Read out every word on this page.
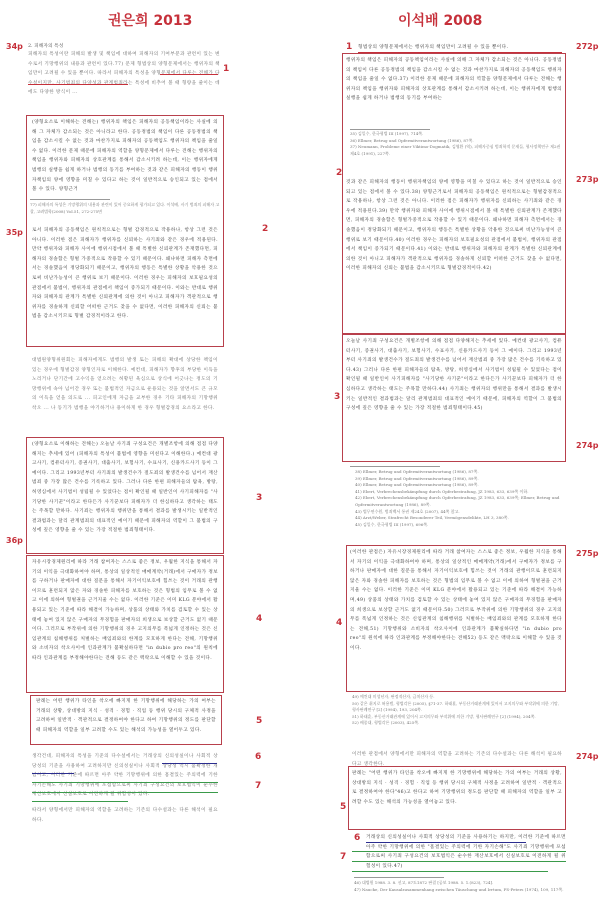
권은희 2013	이석배 2008
34p 2. 피해자의 특성
피해자의 특성이란 피해의 발생 및 책임에 대하여 피해자의 기여부분과 관련이 있는 변수로서 기망행위의 내용과 관련이 있다.77) 문제 형법상의 양형문제에서는 행위자의 책임만이 고려될 수 있을 뿐이다. 따라서 피해자의 특성을 양형문제에서 다루는 견해가 다수설이지만, 사기범죄의 다양성과 관계범죄라는 특성에 비추어 볼 때 형량을 줄이는 데에도 다양한 방식이 ...
1
(양형요소로 이해하는 견해는) 행위자의 책임은 피해자의 공동책임이라는 사실에 의해 그 자체가 감소되는 것은 아니라고 한다. 공동정범의 책임이 다른 공동정범의 책임을 감소시킬 수 없는 것과 마찬가지로 피해자의 공동책임도 행위자의 책임을 줄일 수 없다. 이러한 문제 때문에 피해자의 역할을 양형문제에서 다루는 견해는 행위자의 책임을 행위자와 피해자의 상호관계를 통해서 감소시키려 하는데, 이는 행위자에게 범행의 실행을 쉽게 하거나 범행의 동기를 부여하는 것과 같은 피해자의 행동이 행위자책임의 양에 영향을 미칠 수 있다고 하는 것이 일반적으로 승인되고 있는 점에서 볼 수 있다. 양형근거
77) 피해자의 특성은 기망행위의 내용과 관련이 있어 중요하게 평가되고 있다. 이석배, 사기 범죄의 피해자 고찰, 고려법학(2008) Vol.51, 272-275면
로서 피해자의 공동책임은 원칙적으로는 형벌 감경적으로 작용하나, 항상 그런 것은 아니다. 이러한 점은 피해자가 행위자를 신뢰하는 사기죄와 같은 경우에 적용된다. 만약 행위자와 피해자 사이에 행위시점에서 볼 때 특별한 신뢰관계가 존재했다면, 피해자의 경솔함은 형벌 가중적으로 작용할 수 있기 때문이다. 왜냐하면 피해자 측면에서는 경솔했음이 정당화되기 때문이고, 행위자의 행동은 특별한 상황을 악용한 것으로써 비난가능성이 큰 행위로 보기 때문이다. 이러한 경우는 피해자의 보호필요성의 관점에서 불법이, 행위자의 관점에서 책임이 증가되기 때문이다. 이와는 반대로 행위자와 피해자의 관계가 특별한 신뢰관계에 의한 것이 아니고 피해자가 객관적으로 행위자를 경솔하게 신뢰할 어떠한 근거도 찾을 수 없다면, 이러한 피해자의 신뢰는 불법을 감소시키므로 형벌 감경적이라고 한다.
35p	2
대법원양형위원회는 피해자에게도 범행의 발생 또는 피해의 확대에 상당한 책임이 있는 경우에 형벌감경 양형인자로 이해한다. 예컨대, 피해자가 향후의 부당한 이득을 노리거나 단기간에 고수익을 얻으려는 허황된 욕심으로 상식에 어긋나는 정도의 기망행위에 속아 넘어간 경우 또는 불법적인 자금으로 운용되는 것을 알면서도 큰 규모의 이득을 얻을 의도로 ... 피고인에게 자금을 교부한 경우 기타 피해자의 기망행위 착오 ... 나 동기가 범행을 야기하거나 용이하게 한 경우 형벌감경의 요소라고 한다.
(양형요소로 이해하는 견해는) 오늘날 사기죄 구성요건은 개별조항에 의해 점점 다양해지는 추세에 있어 (피해자의 특성이 불법에 영향을 미친다고 이해한다.) 예컨대 광고사기, 컴퓨터사기, 증권사기, 대출사기, 보험사기, 수표사기, 신용카드사기 등이 그 예이다. 그리고 1993년부터 사기죄의 발생건수가 절도죄의 발생건수를 넘어서 재산범죄 중 가장 많은 건수를 기록하고 있다. 그러나 다른 한편 피해자들의 탐욕, 방탕, 허영심에서 사기범이 성립될 수 있었다는 점이 확인될 때 일반인이 사기피해자를 "사기당한 사기꾼"이라고 한다든가 사기꾼보다 피해자가 더 한심하다고 생각하는 태도는 주목할 만하다. 사기죄는 행위자의 행위만을 통해서 결과를 발생시키는 일반적인 결과범과는 달리 관계범죄의 대표적인 예이기 때문에 피해자의 역할이 그 불법의 구성에 깊은 영향을 줄 수 있는 가장 적절한 범죄형태이다.
3
36p
자유시장경제원리에 따라 거래 참여자는 스스로 좋은 정보, 우월한 지식을 통해서 자기의 이익을 극대화하여야 하며, 통상의 일상적인 매매계약(거래)에서 구매자가 정보를 구하거나 판매자에 대한 질문을 통해서 자기이익보호에 힘쓰는 것이 거래의 관행이므로 훈련되지 않은 자와 경솔한 피해자를 보호하는 것은 형법의 임무로 볼 수 없고 이에 의하여 형벌권을 근거지울 수는 없다. 이러한 기준은 이미 KLG 분야에서 활용되고 있는 기준에 따라 해결이 가능하며, 상품의 상태와 가치를 검토할 수 있는 상태에 놓여 있지 않은 구매자의 무경험을 판매자의 희생으로 보상할 근거도 없기 때문이다. 그러므로 부작위에 의한 기망행위의 경우 고지의무를 폭넓게 인정하는 것은 신임관계의 침해행위를 처벌하는 배임죄와의 한계를 모호하게 한다는 견해, 기망행위와 소비자의 착오사이에 인과관계가 불확실하다면 "in dubio pro reo"의 원칙에 따라 인과관계를 부정해야한다는 견해 등도 같은 맥락으로 이해할 수 있을 것이다.
4
판례는 어떤 행위가 타인을 착오에 빠지게 한 기망행위에 해당하는 가의 여부는 거래의 상황, 상대방의 지식 · 성격 · 경험 · 직업 등 행위 당시의 구체적 사정을 고려하여 일반적 · 객관적으로 결정하여야 한다고 하여 기망행위의 정도를 판단할 때 피해자의 역할을 일부 고려할 수도 있는 해석의 가능성을 열어두고 있다.
5
생각건대, 피해자의 특성을 기준의 다수설에서는 거래상의 신의성실이나 사회적 상당성의 기준을 사용하여 고려하지만 신의성실이나 사회적 상당성 역시 불확정한 개념이고, 이러한 기준에 따르면 아주 약한 기망행위에 의한 흠결있는 주의력에 기한 자기손해도 사기죄 기망행위에 포섭함으로써 사기죄 구성요건의 보호법익이 순수한 재산보호에서 신실보호로 이전하게 될 위험성이 있다.
6
7
따라서 양형에서만 피해자의 역할을 고려하는 기존의 다수설과는 다른 해석이 필요하다.
1 형법상의 양형문제에서는 행위자의 책임만이 고려될 수 있을 뿐이다.	272p
행위자의 책임은 피해자의 공동책임이라는 사실에 의해 그 자체가 감소되는 것은 아니다. 공동정범의 책임이 다른 공동정범의 책임을 감소시킬 수 없는 것과 마찬가지로 피해자의 공동책임도 행위자의 책임을 줄일 수 없다.37) 이러한 문제 때문에 피해자의 역할을 양형문제에서 다루는 견해는 행위자의 책임을 행위자와 피해자의 상호관계를 통해서 감소시키려 하는데, 이는 행위자에게 범행의 실행을 쉽게 하거나 범행의 동기를 부여하는
35) 김일수, 한국형법 III (1997), 714쪽.
36) Ellmer, Betrug und Opfermitverantwortung (1986), 87쪽.
37) Neumann, Probleme einer Viktimo-Dogmatik, 김영환 (역), 피해자중심 범죄학적 문제들, 형사정책연구 제2권 제4호 (1991), 227쪽.
것과 같은 피해자의 행동이 행위자책임의 양에 영향을 미칠 수 있다고 하는 것이 일반적으로 승인되고 있는 점에서 볼 수 있다.38) 양형근거로서 피해자의 공동책임은 원칙적으로는 형벌감경적으로 작용하나, 항상 그런 것은 아니다. 이러한 점은 피해자가 행위자를 신뢰하는 사기죄와 같은 경우에 적용된다.39) 만약 행위자와 피해자 사이에 행위시점에서 볼 때 특별한 신뢰관계가 존재했다면, 피해자의 경솔함은 형벌가중적으로 작용할 수 있기 때문이다. 왜냐하면 피해자 측면에서는 경솔했음이 정당화되기 때문이고, 행위자의 행동은 특별한 상황을 악용한 것으로써 비난가능성이 큰 행위로 보기 때문이다.40) 이러한 경우는 피해자의 보호필요성의 관점에서 불법이, 행위자의 관점에서 책임이 증가되기 때문이다.41) 이와는 반대로 행위자와 피해자의 관계가 특별한 신뢰관계에 의한 것이 아니고 피해자가 객관적으로 행위자를 경솔하게 신뢰할 어떠한 근거도 찾을 수 없다면, 이러한 피해자의 신뢰는 불법을 감소시키므로 형벌감경적이다.42)
2
273p
오늘날 사기죄 구성요건은 개별조항에 의해 점점 다양해지는 추세에 있다. 예컨대 광고사기, 컴퓨터사기, 증권사기, 대출사기, 보험사기, 수표사기, 신용카드사기 등이 그 예이다. 그리고 1993년부터 사기죄의 발생건수가 절도죄의 발생건수를 넘어서 재산범죄 중 가장 많은 건수를 기록하고 있다.43) 그러나 다른 한편 피해자들의 탐욕, 방탕, 허영심에서 사기범이 성립될 수 있었다는 점이 확인될 때 일반인이 사기피해자를 "사기당한 사기꾼"이라고 한다든가 사기꾼보다 피해자가 더 한심하다고 생각하는 태도는 주목할 만하다.44) 사기죄는 행위자의 행위만을 통해서 결과를 발생시키는 일반적인 결과범과는 달리 관계범죄의 대표적인 예이기 때문에, 피해자의 역할이 그 불법의 구성에 깊은 영향을 줄 수 있는 가장 적절한 범죄형태이다.45)
3
274p
38) Ellmer, Betrug und Opfermitverantwortung (1986), 87쪽.
39) Ellmer, Betrug und Opfermitverantwortung (1986), 89쪽.
40) Ellmer, Betrug und Opfermitverantwortung (1986), 89쪽.
41) Ebert, Verbrechensbekämpfung durch Opferbestrafung, JZ 1983, 633, 639쪽 이하.
42) Ebert, Verbrechensbekämpfung durch Opferbestrafung, JZ 1983, 633, 639쪽; Ellmer, Betrug und Opfermitverantwortung (1986), 89쪽.
43) 법무연수원, 범죄백서 통권 제24호 (2007), 44쪽 참고.
44) Arzt/Weber, Strafrecht Besonderer Teil, Vermögensdelikte, LH 3, 380쪽.
45) 김일수, 한국형법 III (1997), 696쪽.
(이러한 관점은) 자유시장경제원리에 따라 거래 참여자는 스스로 좋은 정보, 우월한 지식을 통해서 자기의 이익을 극대화하여야 하며, 통상의 일상적인 매매계약(거래)에서 구매자가 정보를 구하거나 판매자에 대한 질문을 통해서 자기이익보호에 힘쓰는 것이 거래의 관행이므로 훈련되지 않은 자와 경솔한 피해자를 보호하는 것은 형법의 임무로 볼 수 없고 이에 의하여 형벌권을 근거지울 수는 없다. 이러한 기준은 이미 KLG 분야에서 활용되고 있는 기준에 따라 해결이 가능하며,49) 상품의 상태와 가치를 검토할 수 있는 상태에 놓여 있지 않은 구매자의 무경험을 판매자의 희생으로 보상할 근거도 없기 때문이다.50) 그러므로 부작위에 의한 기망행위의 경우 고지의무를 폭넓게 인정하는 것은 신임관계의 침해행위를 처벌하는 배임죄와의 관계를 모호하게 한다는 견해,51) 기망행위와 소비자의 착오사이에 인과관계가 불확실하다면 "in dubio pro reo"의 원칙에 따라 인과관계를 부정해야한다는 견해52) 등도 같은 맥락으로 이해할 수 있을 것이다.
4
275p
49) 예컨대 미성년자, 판정적산자, 금치산자 등.
50) 같은 취지로 허용범, 형법각론 (2005), §71-37. 하태훈, 부동산거래관계에 있어서 고지의무와 부작위에 의한 기망, 형사판례연구 [2] (1994), 193, 204쪽.
51) 하태훈, 부동산거래관계에 있어서 고지의무와 부작위에 의한 기망, 형사판례연구 [2] (1994), 204쪽.
52) 배종대, 형법각론 (2003), 425쪽.
이러한 관점에서 양형에서만 피해자의 역할을 고려하는 기존의 다수설과는 다른 해석이 필요하다고 생각한다.
274p
판례는 "어떤 행위가 타인을 착오에 빠지게 한 기망행위에 해당하는 가의 여부는 거래의 상황, 상대방의 지식 · 성격 · 경험 · 직업 등 행위 당시의 구체적 사정을 고려하여 일반적 · 객관적으로 결정하여야 한다"46)고 한다고 하여 기망행위의 정도를 판단할 때 피해자의 역할을 일부 고려할 수도 있는 해석의 가능성을 열어놓고 있다.
5
6 거래상의 신의성실이나 사회적 상당성의 기준을 사용하기는 하지만, 이러한 기준에 따르면 아주 약한 기망행위에 의한 "흠결있는 주의력에 기한 자기손해"도 사기죄 기망행위에 포섭함으로써 사기죄 구성요건의 보호법익은 순수한 재산보호에서 신실보호로 이전하게 될 위험성이 있다.47)
7
46) 대법원 1988. 3. 8. 선고, 87도1872 판결 [공보 1988. 5. 1.(823), 724].
47) Naucke, Der Kausalzusammenhang zwischen Täuschung und Irrtum, FS-Peters (1974), 109, 117쪽.
